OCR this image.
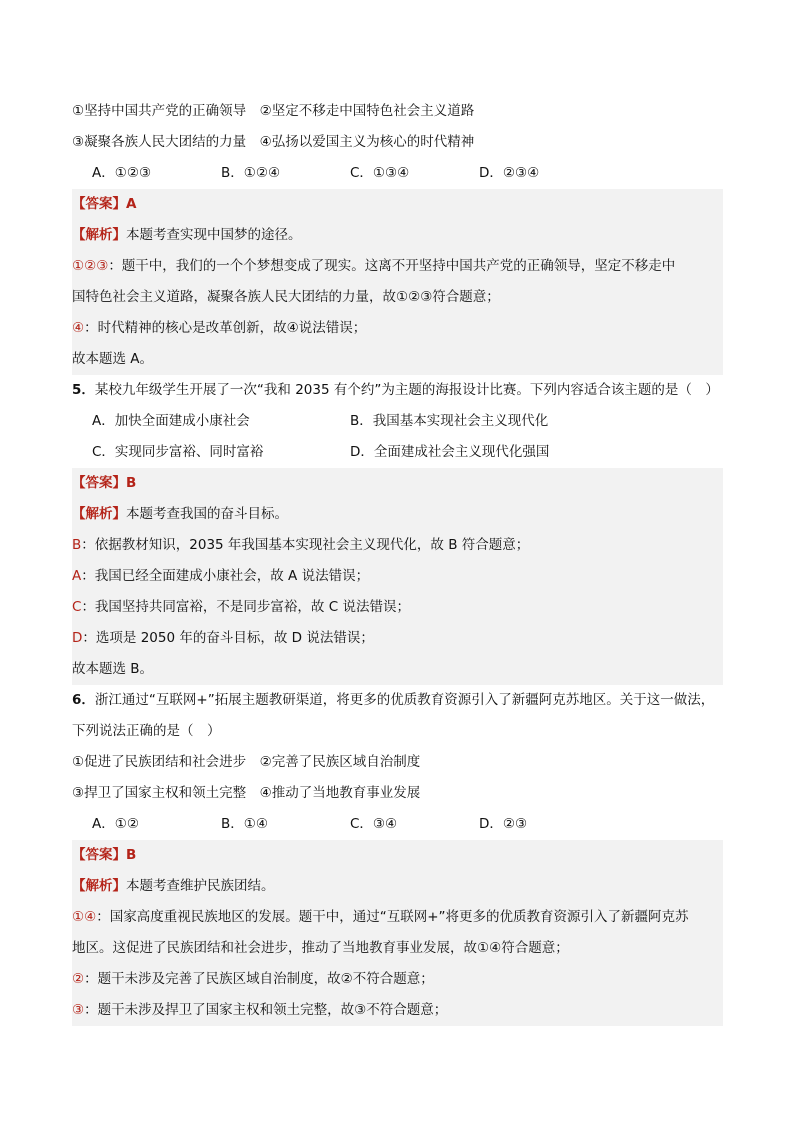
①坚持中国共产党的正确领导　②坚定不移走中国特色社会主义道路
③凝聚各族人民大团结的力量　④弘扬以爱国主义为核心的时代精神
A．①②③	B．①②④	C．①③④	D．②③④
【答案】A
【解析】本题考查实现中国梦的途径。
①②③：题干中，我们的一个个梦想变成了现实。这离不开坚持中国共产党的正确领导，坚定不移走中
国特色社会主义道路，凝聚各族人民大团结的力量，故①②③符合题意；
④：时代精神的核心是改革创新，故④说法错误；
故本题选 A。
5．某校九年级学生开展了一次“我和 2035 有个约”为主题的海报设计比赛。下列内容适合该主题的是（　）
A．加快全面建成小康社会	B．我国基本实现社会主义现代化
C．实现同步富裕、同时富裕	D．全面建成社会主义现代化强国
【答案】B
【解析】本题考查我国的奋斗目标。
B：依据教材知识，2035 年我国基本实现社会主义现代化，故 B 符合题意；
A：我国已经全面建成小康社会，故 A 说法错误；
C：我国坚持共同富裕，不是同步富裕，故 C 说法错误；
D：选项是 2050 年的奋斗目标，故 D 说法错误；
故本题选 B。
6．浙江通过“互联网+”拓展主题教研渠道，将更多的优质教育资源引入了新疆阿克苏地区。关于这一做法，
下列说法正确的是（　）
①促进了民族团结和社会进步　②完善了民族区域自治制度
③捍卫了国家主权和领土完整　④推动了当地教育事业发展
A．①②	B．①④	C．③④	D．②③
【答案】B
【解析】本题考查维护民族团结。
①④：国家高度重视民族地区的发展。题干中，通过“互联网+”将更多的优质教育资源引入了新疆阿克苏
地区。这促进了民族团结和社会进步，推动了当地教育事业发展，故①④符合题意；
②：题干未涉及完善了民族区域自治制度，故②不符合题意；
③：题干未涉及捍卫了国家主权和领土完整，故③不符合题意；
